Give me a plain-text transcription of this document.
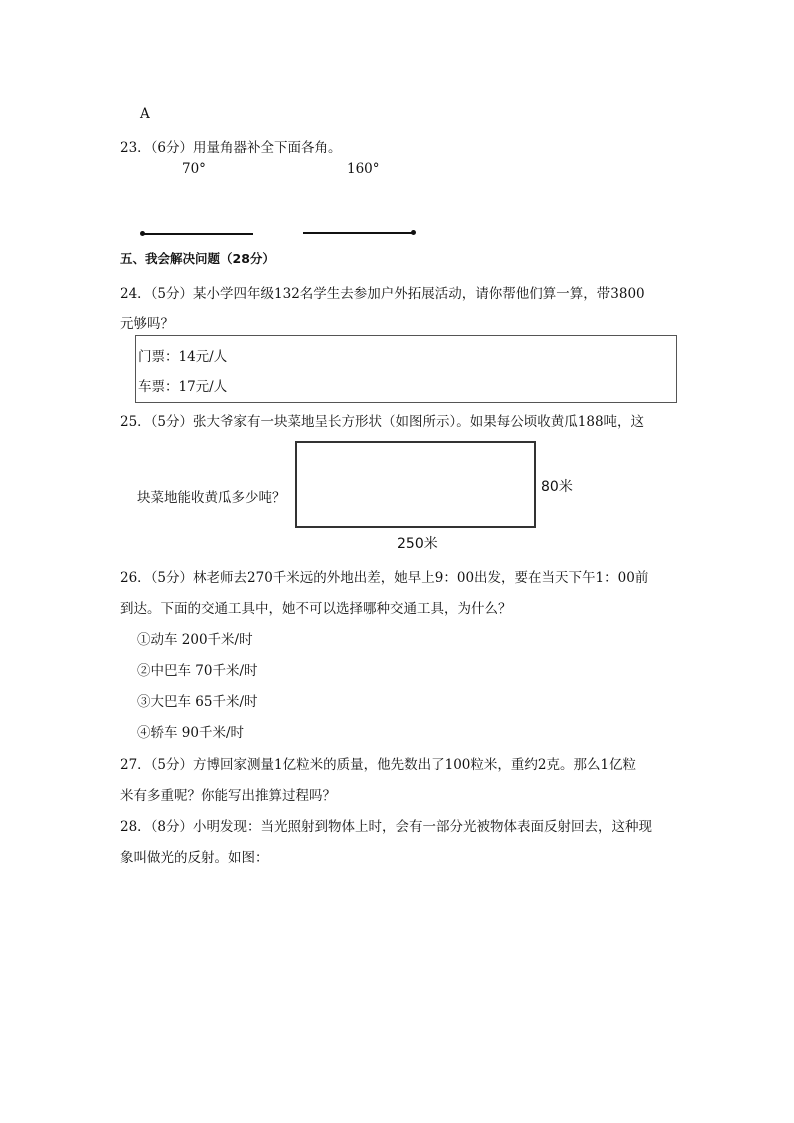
A
23．（6分）用量角器补全下面各角。
70°	160°
五、我会解决问题（28分）
24．（5分）某小学四年级132名学生去参加户外拓展活动，请你帮他们算一算，带3800
元够吗？
门票：14元/人
车票：17元/人
25．（5分）张大爷家有一块菜地呈长方形状（如图所示）。如果每公顷收黄瓜188吨，这
块菜地能收黄瓜多少吨？
80米
250米
26．（5分）林老师去270千米远的外地出差，她早上9：00出发，要在当天下午1：00前
到达。下面的交通工具中，她不可以选择哪种交通工具，为什么？
①动车 200千米/时
②中巴车 70千米/时
③大巴车 65千米/时
④轿车 90千米/时
27．（5分）方博回家测量1亿粒米的质量，他先数出了100粒米，重约2克。那么1亿粒
米有多重呢？你能写出推算过程吗？
28．（8分）小明发现：当光照射到物体上时，会有一部分光被物体表面反射回去，这种现
象叫做光的反射。如图：
